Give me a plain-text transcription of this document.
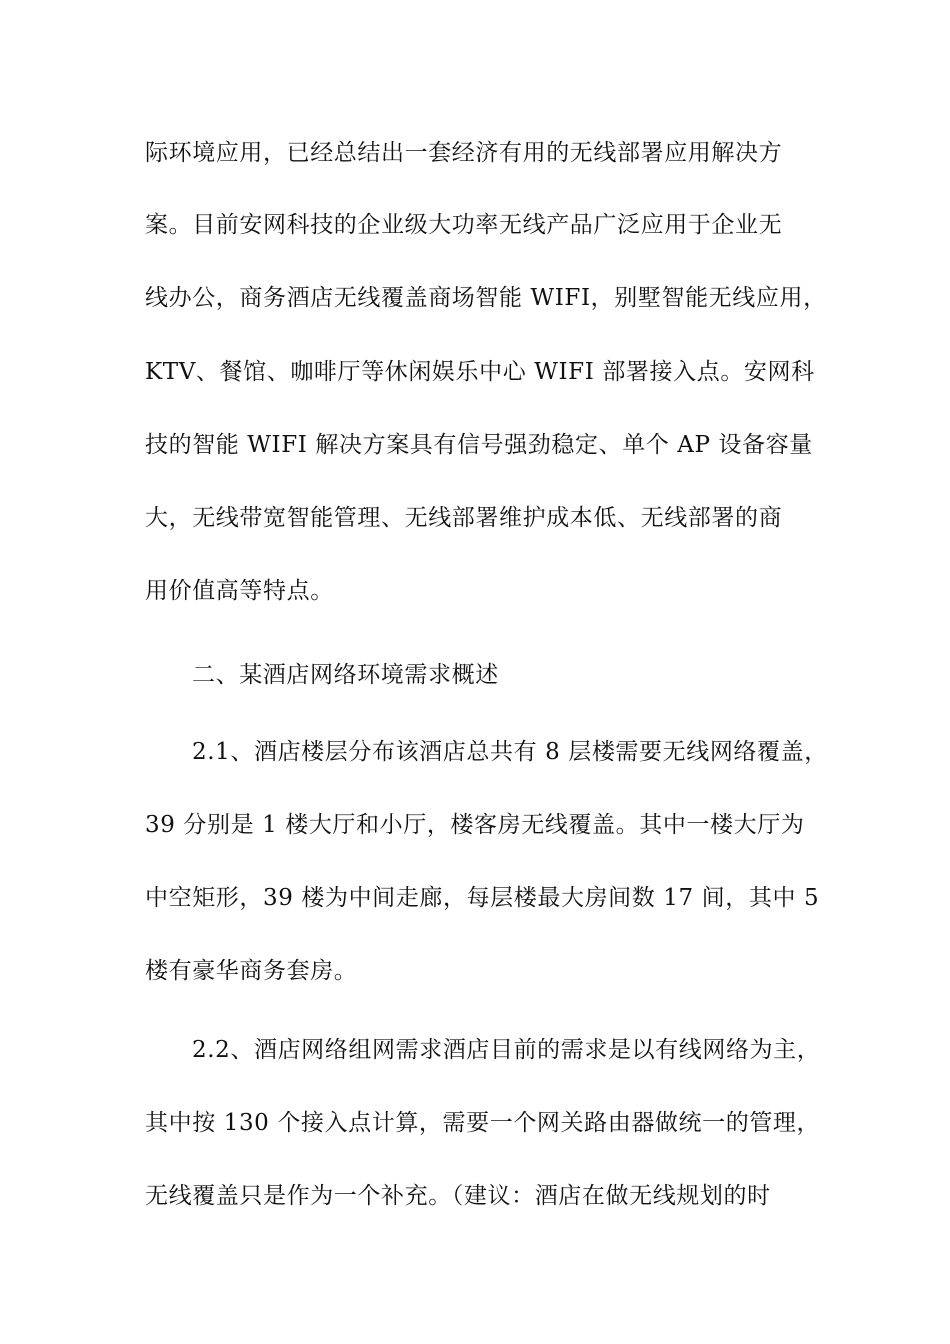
际环境应用，已经总结出一套经济有用的无线部署应用解决方
案。目前安网科技的企业级大功率无线产品广泛应用于企业无
线办公，商务酒店无线覆盖商场智能 WIFI，别墅智能无线应用，
KTV、餐馆、咖啡厅等休闲娱乐中心 WIFI 部署接入点。安网科
技的智能 WIFI 解决方案具有信号强劲稳定、单个 AP 设备容量
大，无线带宽智能管理、无线部署维护成本低、无线部署的商
用价值高等特点。
二、某酒店网络环境需求概述
2.1、酒店楼层分布该酒店总共有 8 层楼需要无线网络覆盖，
39 分别是 1 楼大厅和小厅，楼客房无线覆盖。其中一楼大厅为
中空矩形，39 楼为中间走廊，每层楼最大房间数 17 间，其中 5
楼有豪华商务套房。
2.2、酒店网络组网需求酒店目前的需求是以有线网络为主，
其中按 130 个接入点计算，需要一个网关路由器做统一的管理，
无线覆盖只是作为一个补充。（建议：酒店在做无线规划的时
